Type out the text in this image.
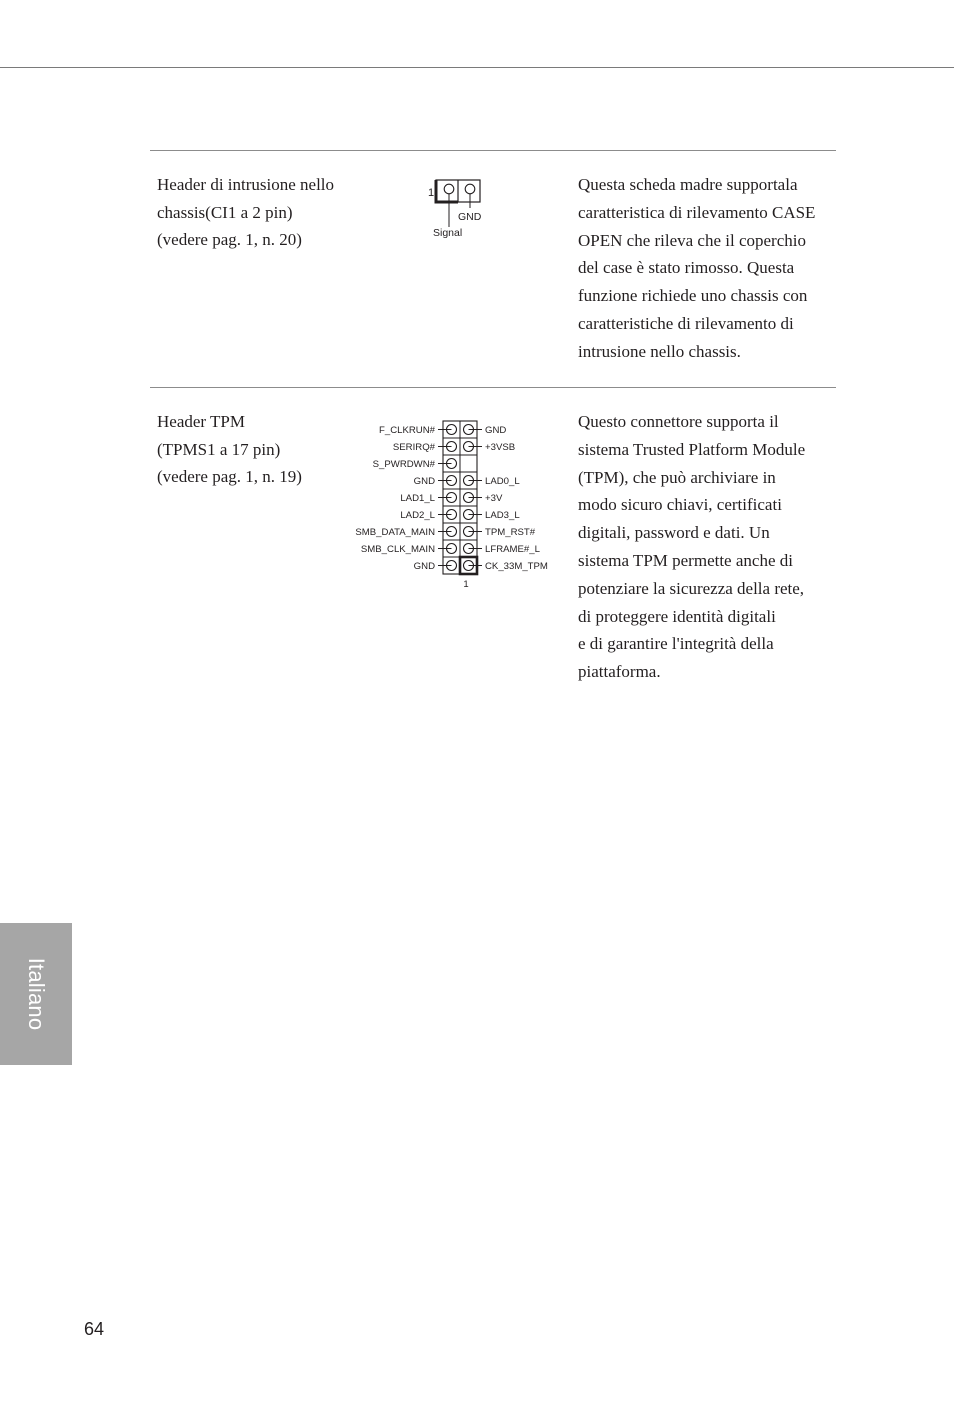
Header di intrusione nello
chassis(CI1 a 2 pin)
(vedere pag. 1, n. 20)
1
GND
Signal
Questa scheda madre supportala
caratteristica di rilevamento CASE
OPEN che rileva che il coperchio
del case è stato rimosso. Questa
funzione richiede uno chassis con
caratteristiche di rilevamento di
intrusione nello chassis.
Header TPM
(TPMS1 a 17 pin)
(vedere pag. 1, n. 19)
F_CLKRUN#
SERIRQ#
S_PWRDWN#
GND
LAD1_L
LAD2_L
SMB_DATA_MAIN
SMB_CLK_MAIN
GND
GND
+3VSB
LAD0_L
+3V
LAD3_L
TPM_RST#
LFRAME#_L
CK_33M_TPM
1
Questo connettore supporta il
sistema Trusted Platform Module
(TPM), che può archiviare in
modo sicuro chiavi, certificati
digitali, password e dati. Un
sistema TPM permette anche di
potenziare la sicurezza della rete,
di proteggere identità digitali
e di garantire l'integrità della
piattaforma.
Italiano
64
